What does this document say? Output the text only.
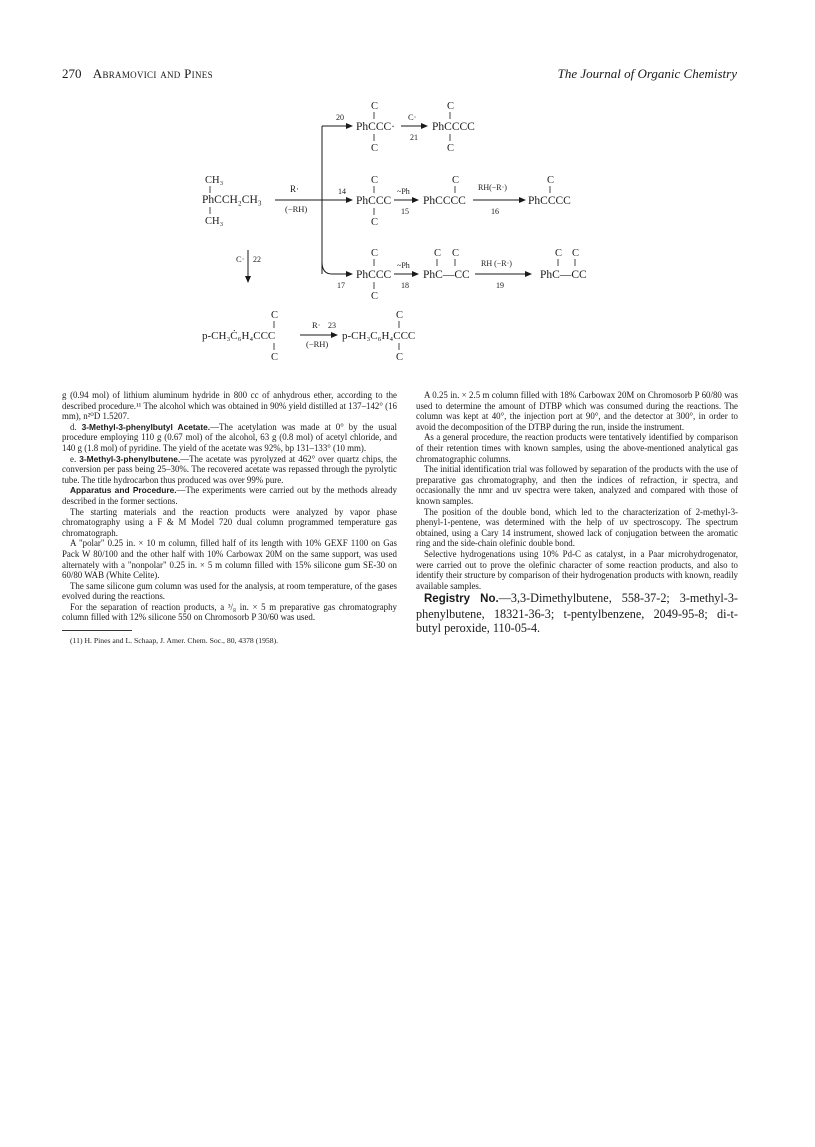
270 Abramovici and Pines	The Journal of Organic Chemistry
CH₃
PhCCH₂CH₃
CH₃
R·
(−RH)
20
14
17
C
PhCCC·
C
C·
21
C
PhCCCC
C
C
PhCCC
C
~Ph
15
C
PhCCCC
RH(−R·)
16
C
PhCCCC
C
PhCCC
C
~Ph
18
C C
PhC—CC
RH (−R·)
19
C C
PhC—CC
C· 22
C
p-CH₃Ċ₆H₄CCC
C
R· 23
(−RH)
C
p-CH₃C₆H₄CCC
C

g (0.94 mol) of lithium aluminum hydride in 800 cc of anhydrous ether, according to the described procedure.¹¹ The alcohol which was obtained in 90% yield distilled at 137–142° (16 mm), n²⁰D 1.5207.

d. 3-Methyl-3-phenylbutyl Acetate.—The acetylation was made at 0° by the usual procedure employing 110 g (0.67 mol) of the alcohol, 63 g (0.8 mol) of acetyl chloride, and 140 g (1.8 mol) of pyridine. The yield of the acetate was 92%, bp 131–133° (10 mm).

e. 3-Methyl-3-phenylbutene.—The acetate was pyrolyzed at 462° over quartz chips, the conversion per pass being 25–30%. The recovered acetate was repassed through the pyrolytic tube. The title hydrocarbon thus produced was over 99% pure.

Apparatus and Procedure.—The experiments were carried out by the methods already described in the former sections.

The starting materials and the reaction products were analyzed by vapor phase chromatography using a F & M Model 720 dual column programmed temperature gas chromatograph.

A "polar" 0.25 in. × 10 m column, filled half of its length with 10% GEXF 1100 on Gas Pack W 80/100 and the other half with 10% Carbowax 20M on the same support, was used alternately with a "nonpolar" 0.25 in. × 5 m column filled with 15% silicone gum SE-30 on 60/80 WAB (White Celite).

The same silicone gum column was used for the analysis, at room temperature, of the gases evolved during the reactions.

For the separation of reaction products, a ³/₈ in. × 5 m preparative gas chromatography column filled with 12% silicone 550 on Chromosorb P 30/60 was used.

(11) H. Pines and L. Schaap, J. Amer. Chem. Soc., 80, 4378 (1958).

A 0.25 in. × 2.5 m column filled with 18% Carbowax 20M on Chromosorb P 60/80 was used to determine the amount of DTBP which was consumed during the reactions. The column was kept at 40°, the injection port at 90°, and the detector at 300°, in order to avoid the decomposition of the DTBP during the run, inside the instrument.

As a general procedure, the reaction products were tentatively identified by comparison of their retention times with known samples, using the above-mentioned analytical gas chromatographic columns.

The initial identification trial was followed by separation of the products with the use of preparative gas chromatography, and then the indices of refraction, ir spectra, and occasionally the nmr and uv spectra were taken, analyzed and compared with those of known samples.

The position of the double bond, which led to the characterization of 2-methyl-3-phenyl-1-pentene, was determined with the help of uv spectroscopy. The spectrum obtained, using a Cary 14 instrument, showed lack of conjugation between the aromatic ring and the side-chain olefinic double bond.

Selective hydrogenations using 10% Pd-C as catalyst, in a Paar microhydrogenator, were carried out to prove the olefinic character of some reaction products, and also to identify their structure by comparison of their hydrogenation products with known, readily available samples.

Registry No.—3,3-Dimethylbutene, 558-37-2; 3-methyl-3-phenylbutene, 18321-36-3; t-pentylbenzene, 2049-95-8; di-t-butyl peroxide, 110-05-4.
